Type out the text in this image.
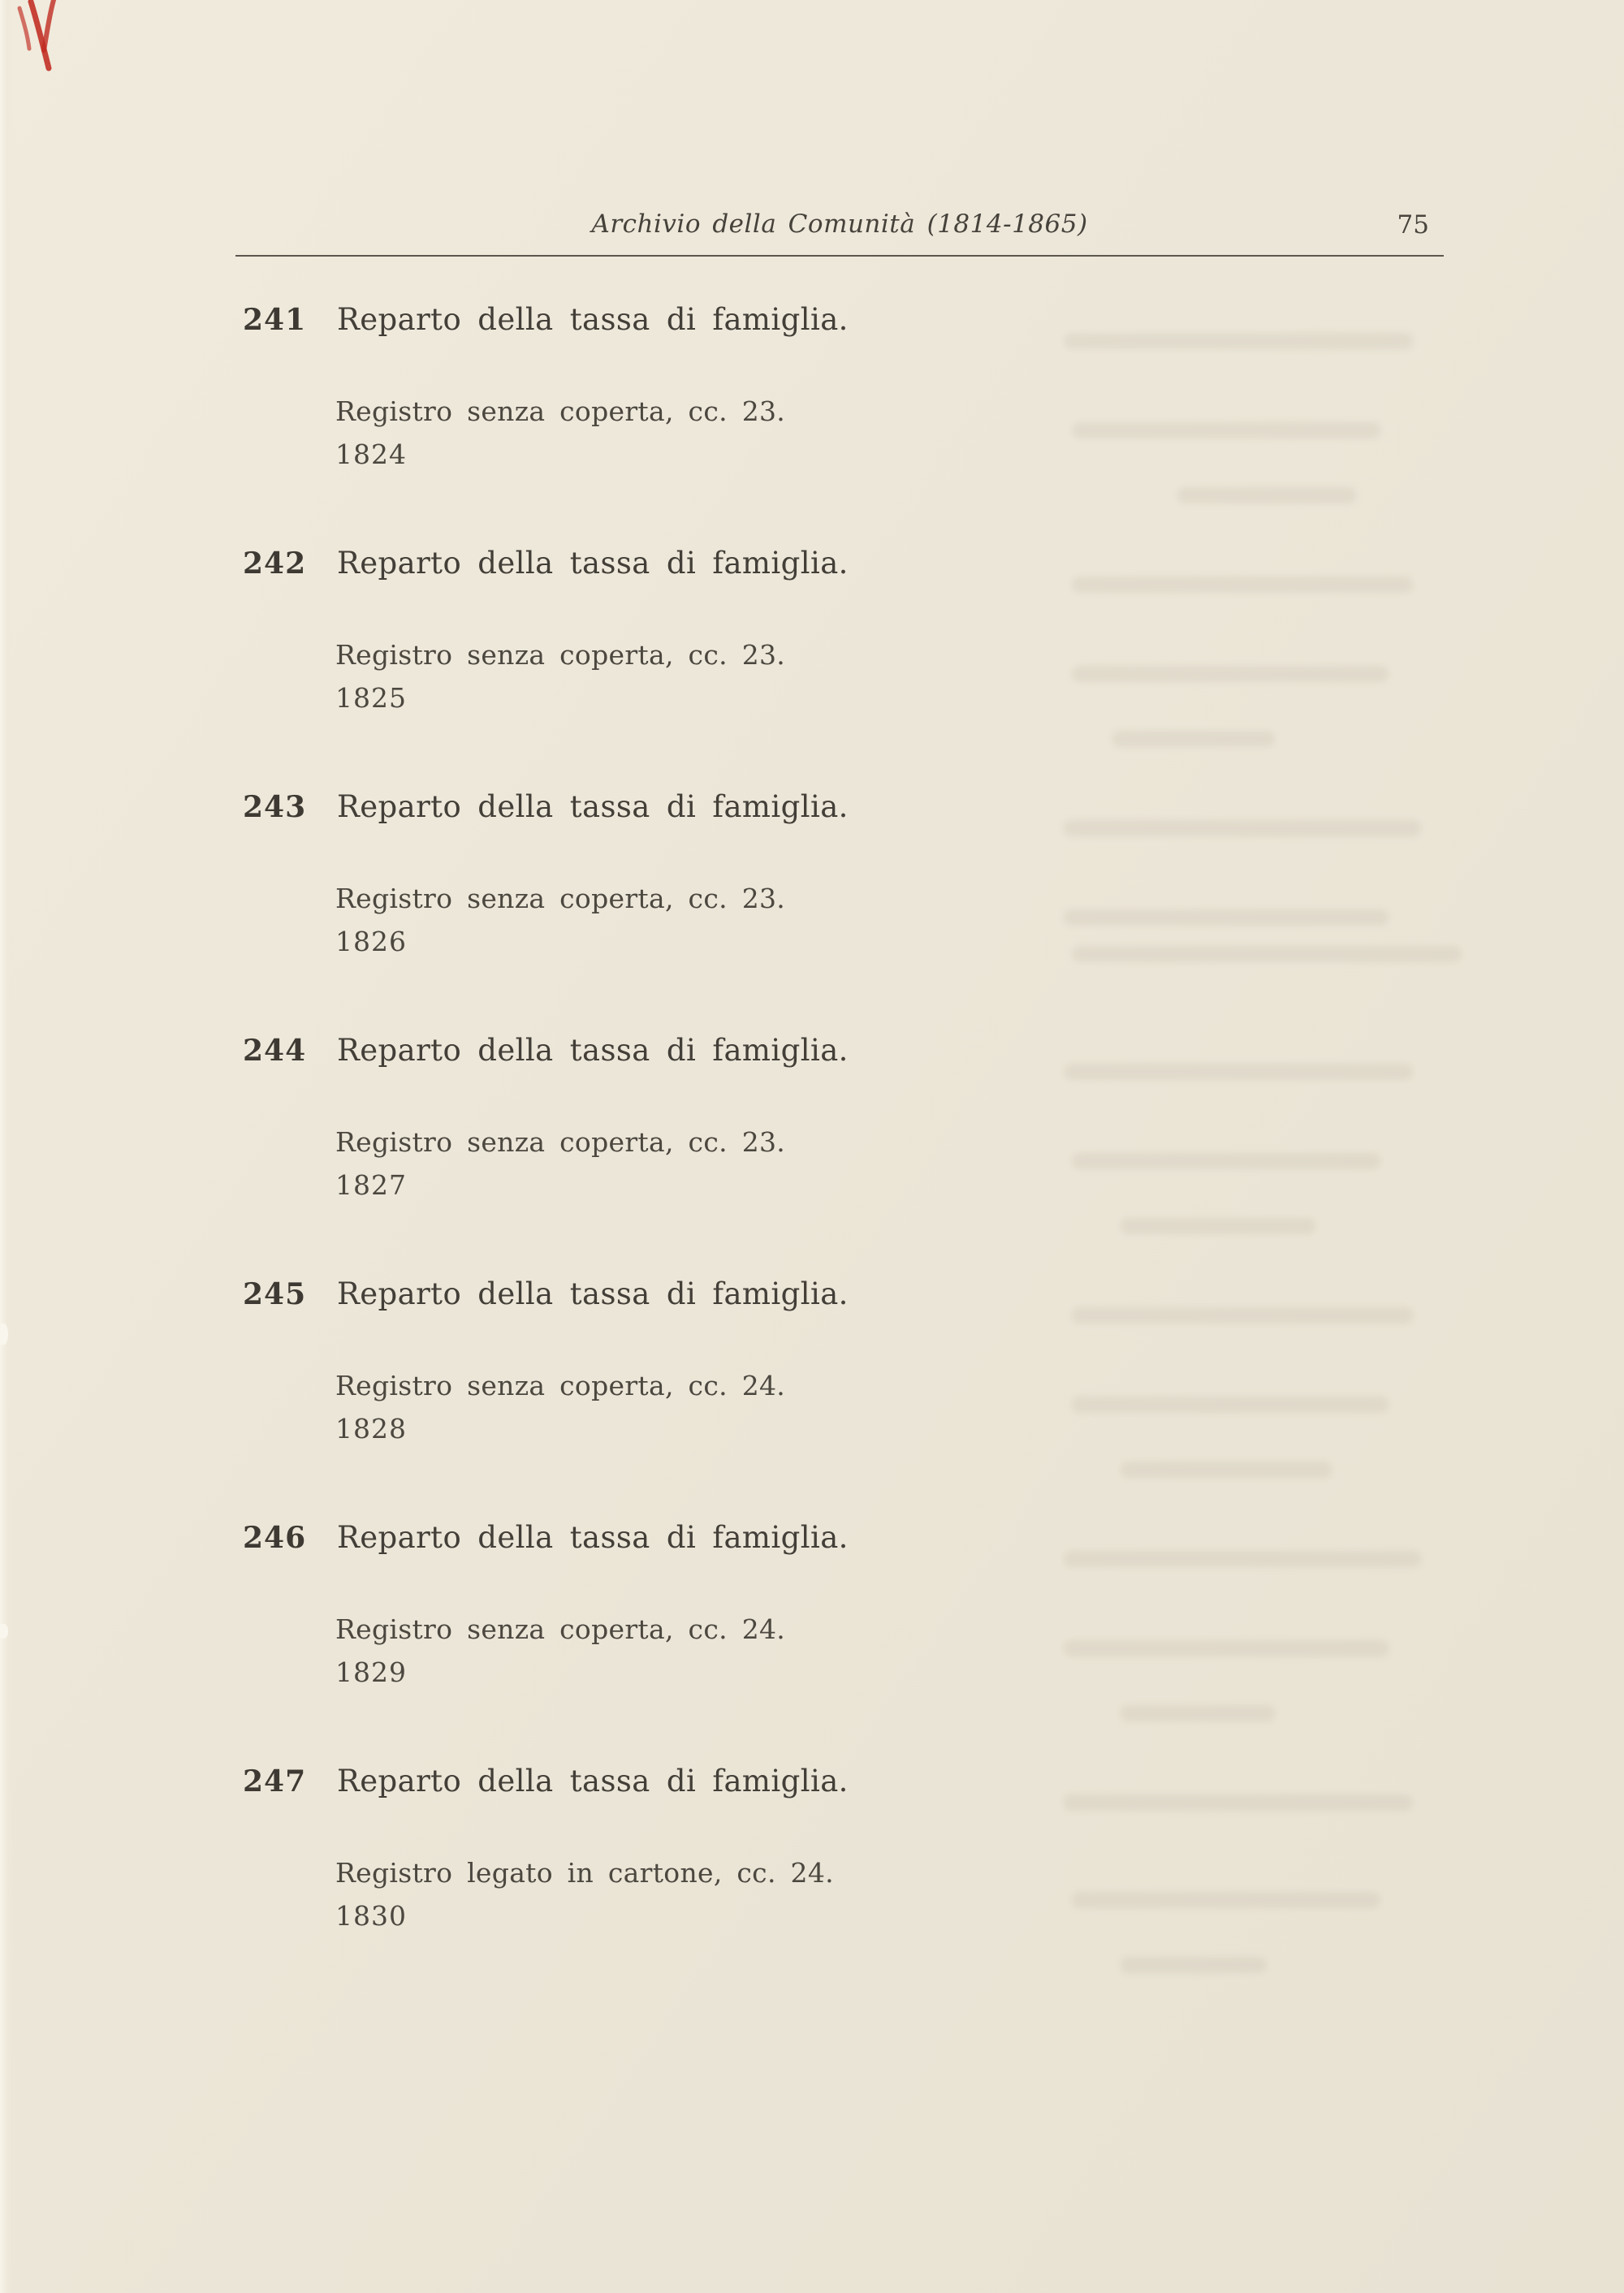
Archivio della Comunità (1814-1865)	75
241	Reparto della tassa di famiglia.
Registro senza coperta, cc. 23.
1824
242	Reparto della tassa di famiglia.
Registro senza coperta, cc. 23.
1825
243	Reparto della tassa di famiglia.
Registro senza coperta, cc. 23.
1826
244	Reparto della tassa di famiglia.
Registro senza coperta, cc. 23.
1827
245	Reparto della tassa di famiglia.
Registro senza coperta, cc. 24.
1828
246	Reparto della tassa di famiglia.
Registro senza coperta, cc. 24.
1829
247	Reparto della tassa di famiglia.
Registro legato in cartone, cc. 24.
1830
